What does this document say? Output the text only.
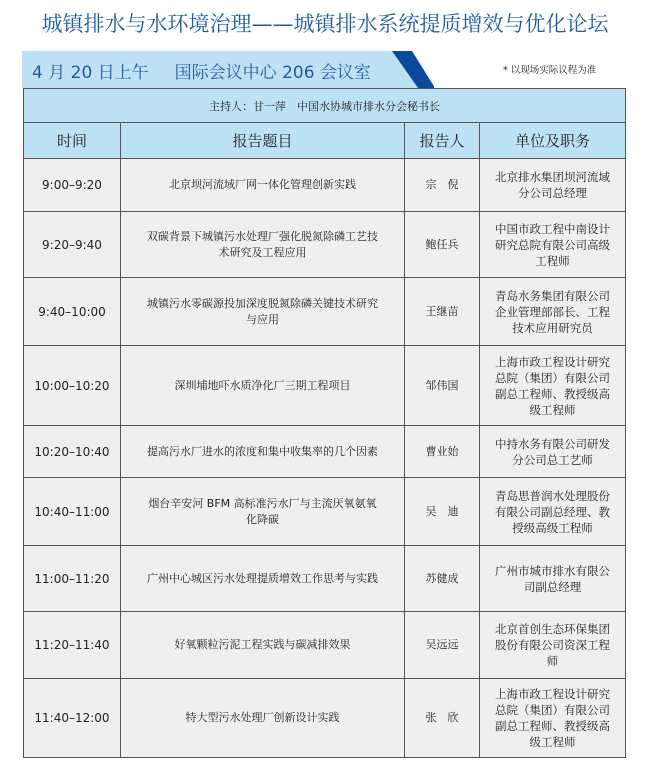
城镇排水与水环境治理——城镇排水系统提质增效与优化论坛
4 月 20 日上午 国际会议中心 206 会议室	* 以现场实际议程为准
主持人：甘一萍　 中国水协城市排水分会秘书长			
时间	报告题目	报告人	单位及职务
9:00–9:20	北京坝河流域厂网一体化管理创新实践	宗　倪	北京排水集团坝河流域分公司总经理
9:20–9:40	双碳背景下城镇污水处理厂强化脱氮除磷工艺技术研究及工程应用	鲍任兵	中国市政工程中南设计研究总院有限公司高级工程师
9:40–10:00	城镇污水零碳源投加深度脱氮除磷关键技术研究与应用	王继苗	青岛水务集团有限公司企业管理部部长、工程技术应用研究员
10:00–10:20	深圳埔地吓水质净化厂三期工程项目	邹伟国	上海市政工程设计研究总院（集团）有限公司副总工程师、教授级高级工程师
10:20–10:40	提高污水厂进水的浓度和集中收集率的几个因素	曹业始	中持水务有限公司研发分公司总工艺师
10:40–11:00	烟台辛安河 BFM 高标准污水厂与主流厌氧氨氧化降碳	吴　迪	青岛思普润水处理股份有限公司副总经理、教授级高级工程师
11:00–11:20	广州中心城区污水处理提质增效工作思考与实践	苏健成	广州市城市排水有限公司副总经理
11:20–11:40	好氧颗粒污泥工程实践与碳减排效果	吴远远	北京首创生态环保集团股份有限公司资深工程师
11:40–12:00	特大型污水处理厂创新设计实践	张　欣	上海市政工程设计研究总院（集团）有限公司副总工程师、教授级高级工程师
